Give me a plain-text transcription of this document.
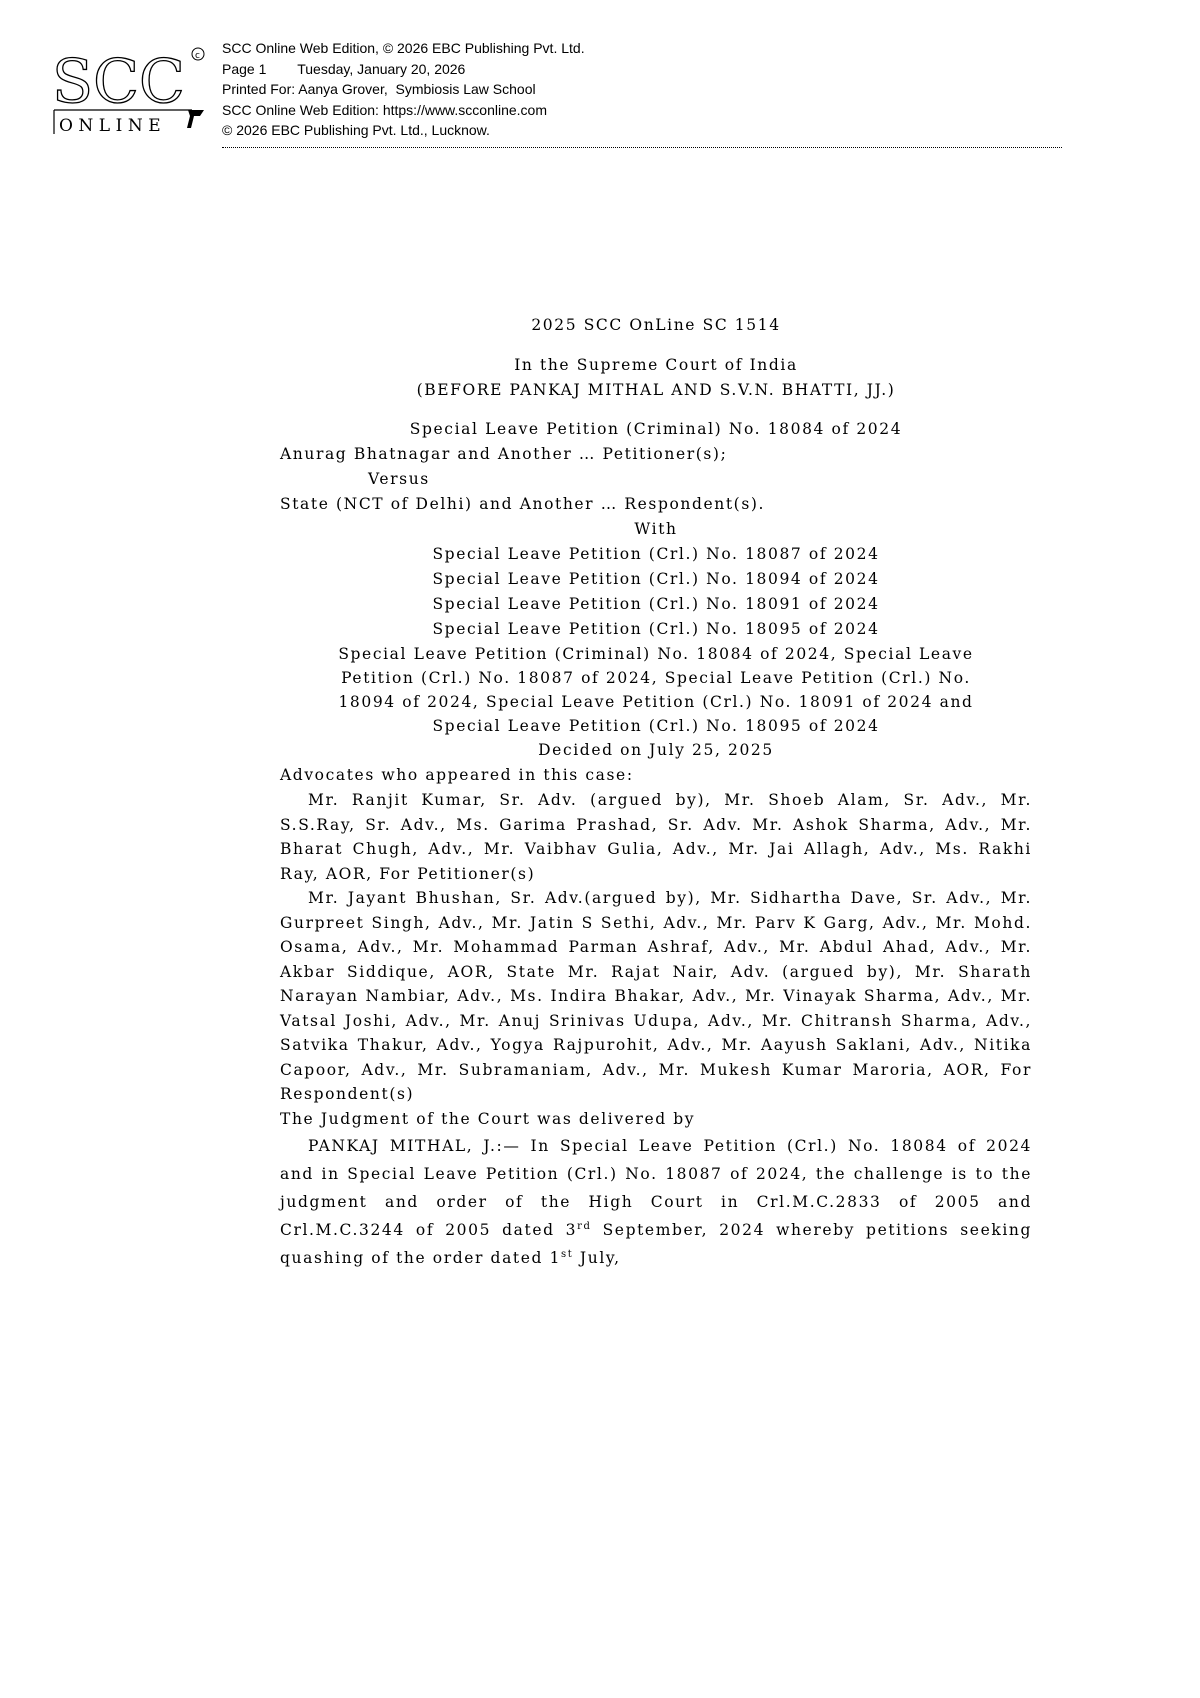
SCC c
ONLINE
SCC Online Web Edition, © 2026 EBC Publishing Pvt. Ltd.
Page 1        Tuesday, January 20, 2026
Printed For: Aanya Grover,  Symbiosis Law School
SCC Online Web Edition: https://www.scconline.com
© 2026 EBC Publishing Pvt. Ltd., Lucknow.
2025 SCC OnLine SC 1514
In the Supreme Court of India
(BEFORE PANKAJ MITHAL AND S.V.N. BHATTI, JJ.)
Special Leave Petition (Criminal) No. 18084 of 2024
Anurag Bhatnagar and Another … Petitioner(s);
Versus
State (NCT of Delhi) and Another … Respondent(s).
With
Special Leave Petition (Crl.) No. 18087 of 2024
Special Leave Petition (Crl.) No. 18094 of 2024
Special Leave Petition (Crl.) No. 18091 of 2024
Special Leave Petition (Crl.) No. 18095 of 2024
Special Leave Petition (Criminal) No. 18084 of 2024, Special Leave
Petition (Crl.) No. 18087 of 2024, Special Leave Petition (Crl.) No.
18094 of 2024, Special Leave Petition (Crl.) No. 18091 of 2024 and
Special Leave Petition (Crl.) No. 18095 of 2024
Decided on July 25, 2025
Advocates who appeared in this case:
Mr. Ranjit Kumar, Sr. Adv. (argued by), Mr. Shoeb Alam, Sr. Adv., Mr. S.S.Ray, Sr. Adv., Ms. Garima Prashad, Sr. Adv. Mr. Ashok Sharma, Adv., Mr. Bharat Chugh, Adv., Mr. Vaibhav Gulia, Adv., Mr. Jai Allagh, Adv., Ms. Rakhi Ray, AOR, For Petitioner(s)
Mr. Jayant Bhushan, Sr. Adv.(argued by), Mr. Sidhartha Dave, Sr. Adv., Mr. Gurpreet Singh, Adv., Mr. Jatin S Sethi, Adv., Mr. Parv K Garg, Adv., Mr. Mohd. Osama, Adv., Mr. Mohammad Parman Ashraf, Adv., Mr. Abdul Ahad, Adv., Mr. Akbar Siddique, AOR, State Mr. Rajat Nair, Adv. (argued by), Mr. Sharath Narayan Nambiar, Adv., Ms. Indira Bhakar, Adv., Mr. Vinayak Sharma, Adv., Mr. Vatsal Joshi, Adv., Mr. Anuj Srinivas Udupa, Adv., Mr. Chitransh Sharma, Adv., Satvika Thakur, Adv., Yogya Rajpurohit, Adv., Mr. Aayush Saklani, Adv., Nitika Capoor, Adv., Mr. Subramaniam, Adv., Mr. Mukesh Kumar Maroria, AOR, For Respondent(s)
The Judgment of the Court was delivered by
PANKAJ MITHAL, J.:— In Special Leave Petition (Crl.) No. 18084 of 2024 and in Special Leave Petition (Crl.) No. 18087 of 2024, the challenge is to the judgment and order of the High Court in Crl.M.C.2833 of 2005 and Crl.M.C.3244 of 2005 dated 3rd September, 2024 whereby petitions seeking quashing of the order dated 1st July,
